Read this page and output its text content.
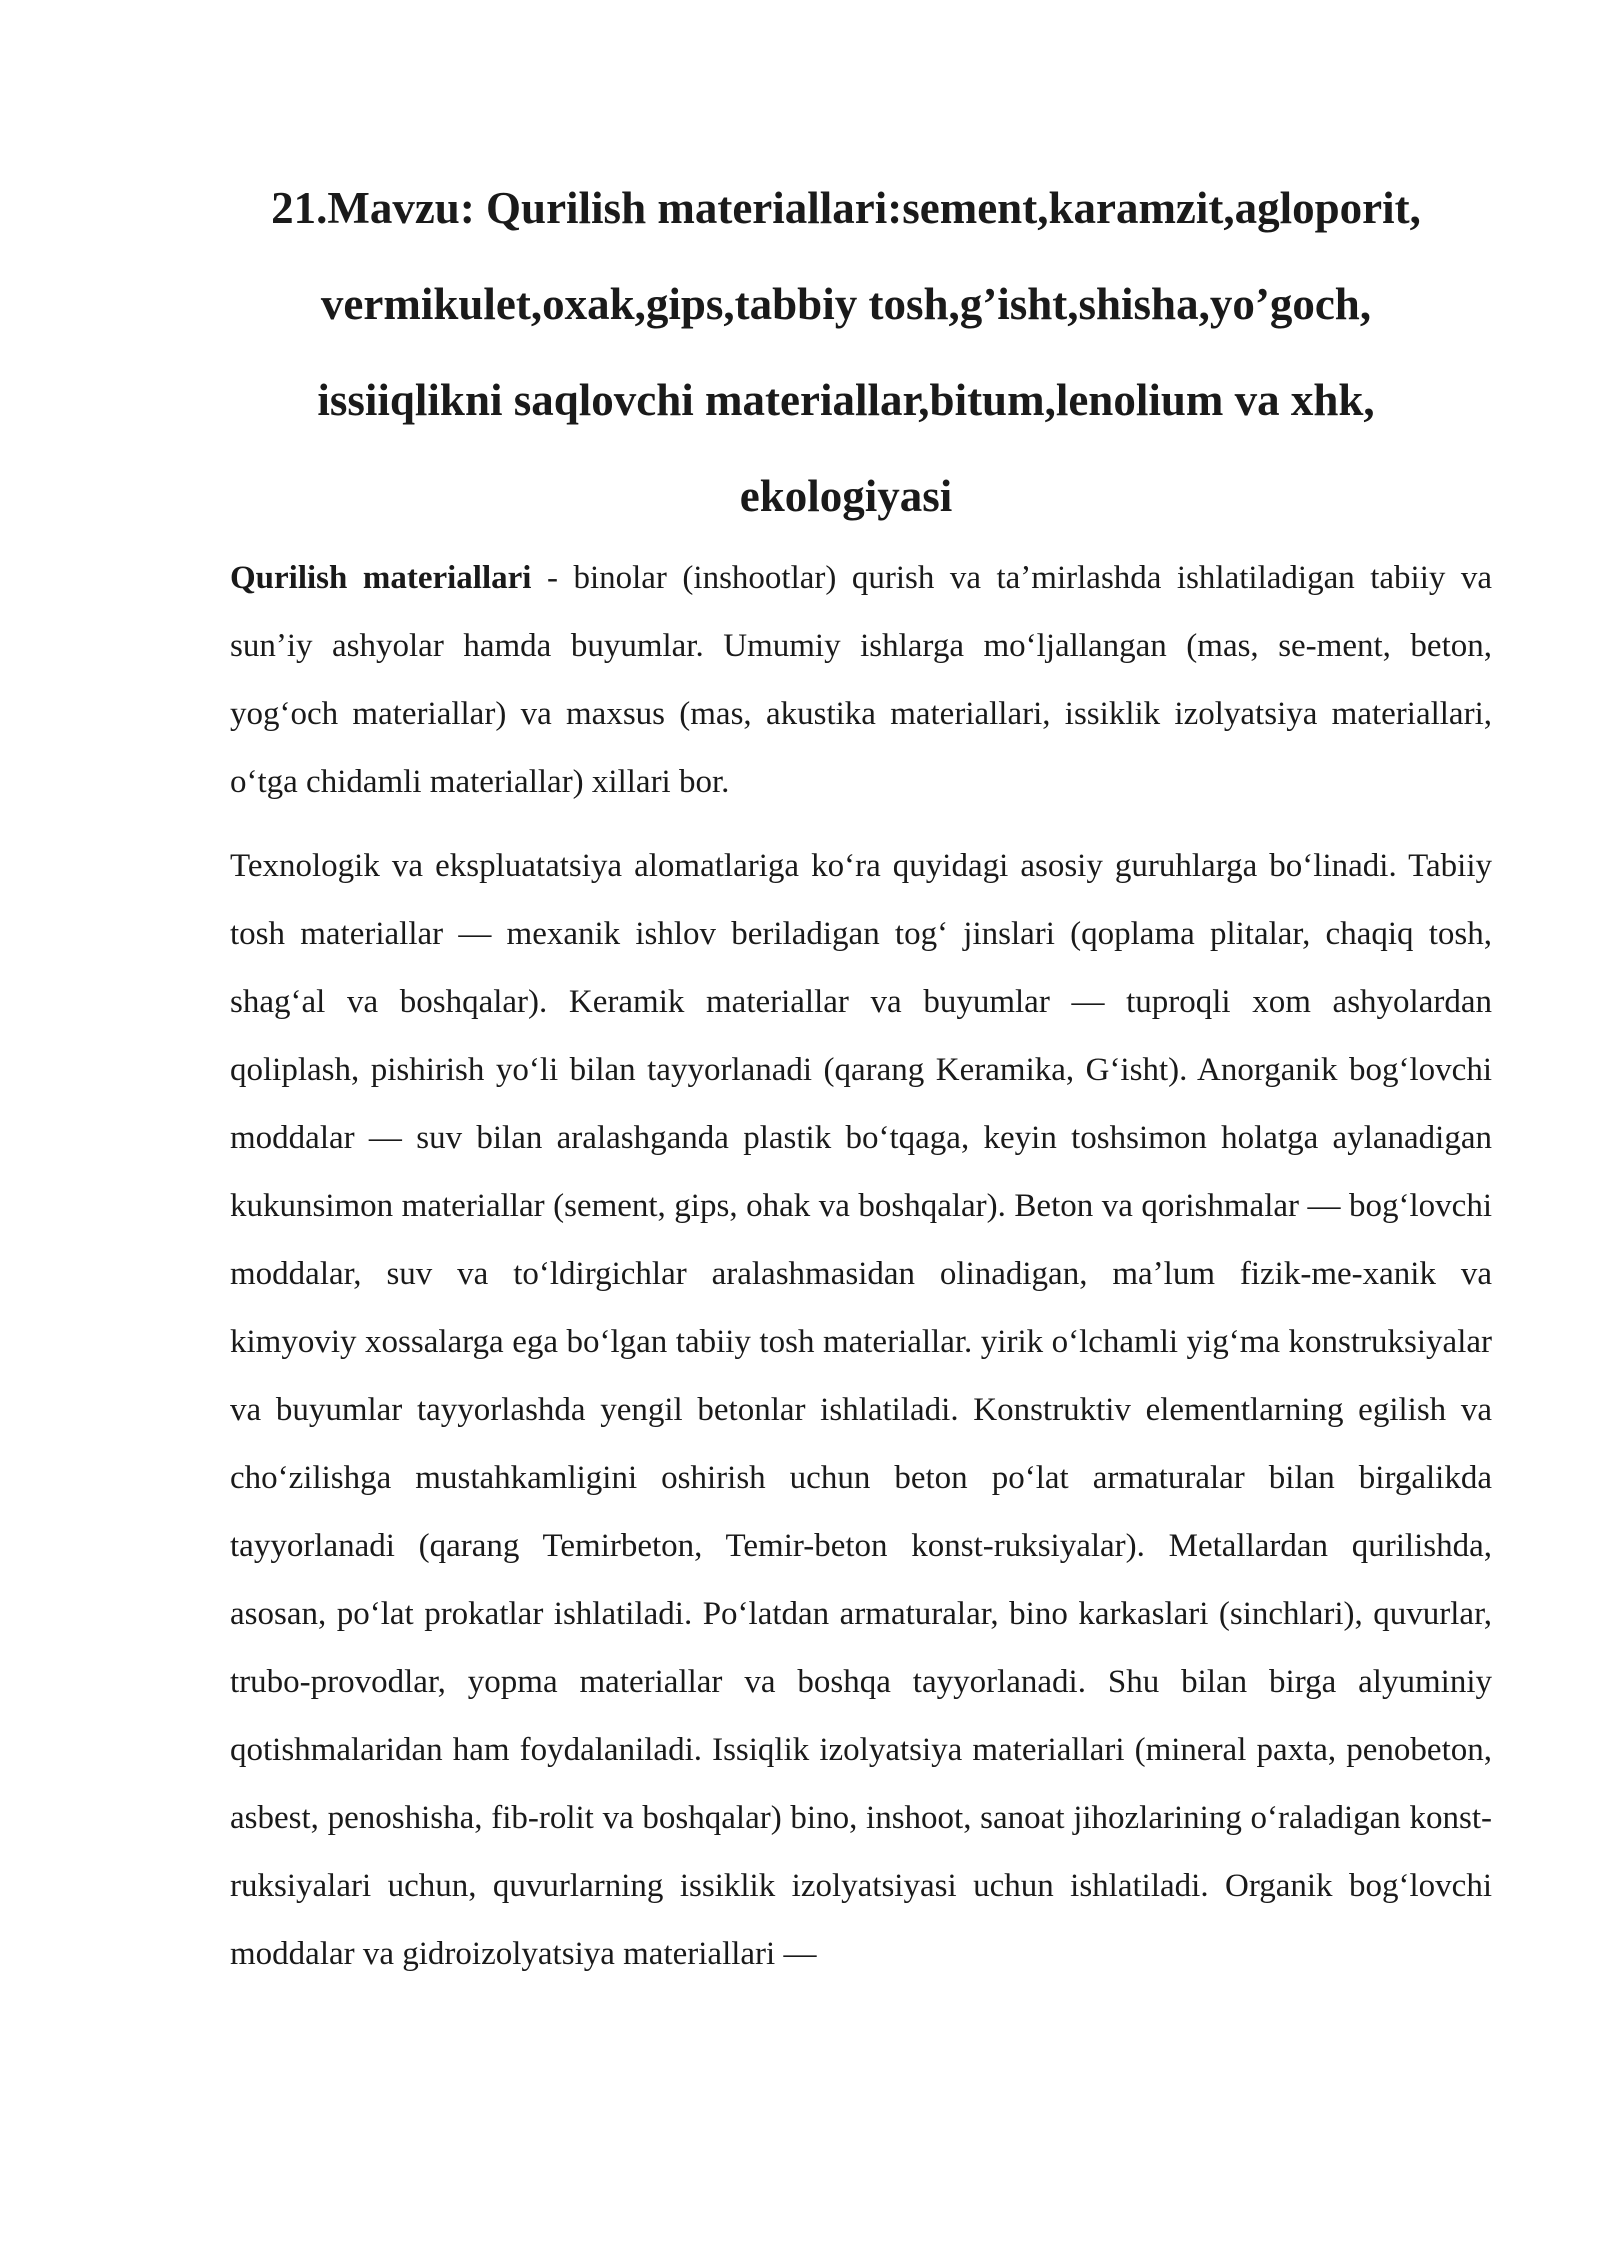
21.Mavzu: Qurilish materiallari:sement,karamzit,agloporit,
vermikulet,oxak,gips,tabbiy tosh,g’isht,shisha,yo’goch,
issiiqlikni saqlovchi materiallar,bitum,lenolium va xhk,
ekologiyasi

Qurilish materiallari - binolar (inshootlar) qurish va taʼmirlashda ishlatiladigan tabiiy va sunʼiy ashyolar hamda buyumlar. Umumiy ishlarga moʻljallangan (mas, se-ment, beton, yogʻoch materiallar) va maxsus (mas, akustika materiallari, issiklik izolyatsiya materiallari, oʻtga chidamli materiallar) xillari bor.

Texnologik va ekspluatatsiya alomatlariga koʻra quyidagi asosiy guruhlarga boʻlinadi. Tabiiy tosh materiallar — mexanik ishlov beriladigan togʻ jinslari (qoplama plitalar, chaqiq tosh, shagʻal va boshqalar). Keramik materiallar va buyumlar — tuproqli xom ashyolardan qoliplash, pishirish yoʻli bilan tayyorlanadi (qarang Keramika, Gʻisht). Anorganik bogʻlovchi moddalar — suv bilan aralashganda plastik boʻtqaga, keyin toshsimon holatga aylanadigan kukunsimon materiallar (sement, gips, ohak va boshqalar). Beton va qorishmalar — bogʻlovchi moddalar, suv va toʻldirgichlar aralashmasidan olinadigan, maʼlum fizik-me-xanik va kimyoviy xossalarga ega boʻlgan tabiiy tosh materiallar. yirik oʻlchamli yigʻma konstruksiyalar va buyumlar tayyorlashda yengil betonlar ishlatiladi. Konstruktiv elementlarning egilish va choʻzilishga mustahkamligini oshirish uchun beton poʻlat armaturalar bilan birgalikda tayyorlanadi (qarang Temirbeton, Temir-beton konst-ruksiyalar). Metallardan qurilishda, asosan, poʻlat prokatlar ishlatiladi. Poʻlatdan armaturalar, bino karkaslari (sinchlari), quvurlar, trubo-provodlar, yopma materiallar va boshqa tayyorlanadi. Shu bilan birga alyuminiy qotishmalaridan ham foydalaniladi. Issiqlik izolyatsiya materiallari (mineral paxta, penobeton, asbest, penoshisha, fib-rolit va boshqalar) bino, inshoot, sanoat jihozlarining oʻraladigan konst-ruksiyalari uchun, quvurlarning issiklik izolyatsiyasi uchun ishlatiladi. Organik bogʻlovchi moddalar va gidroizolyatsiya materiallari —
